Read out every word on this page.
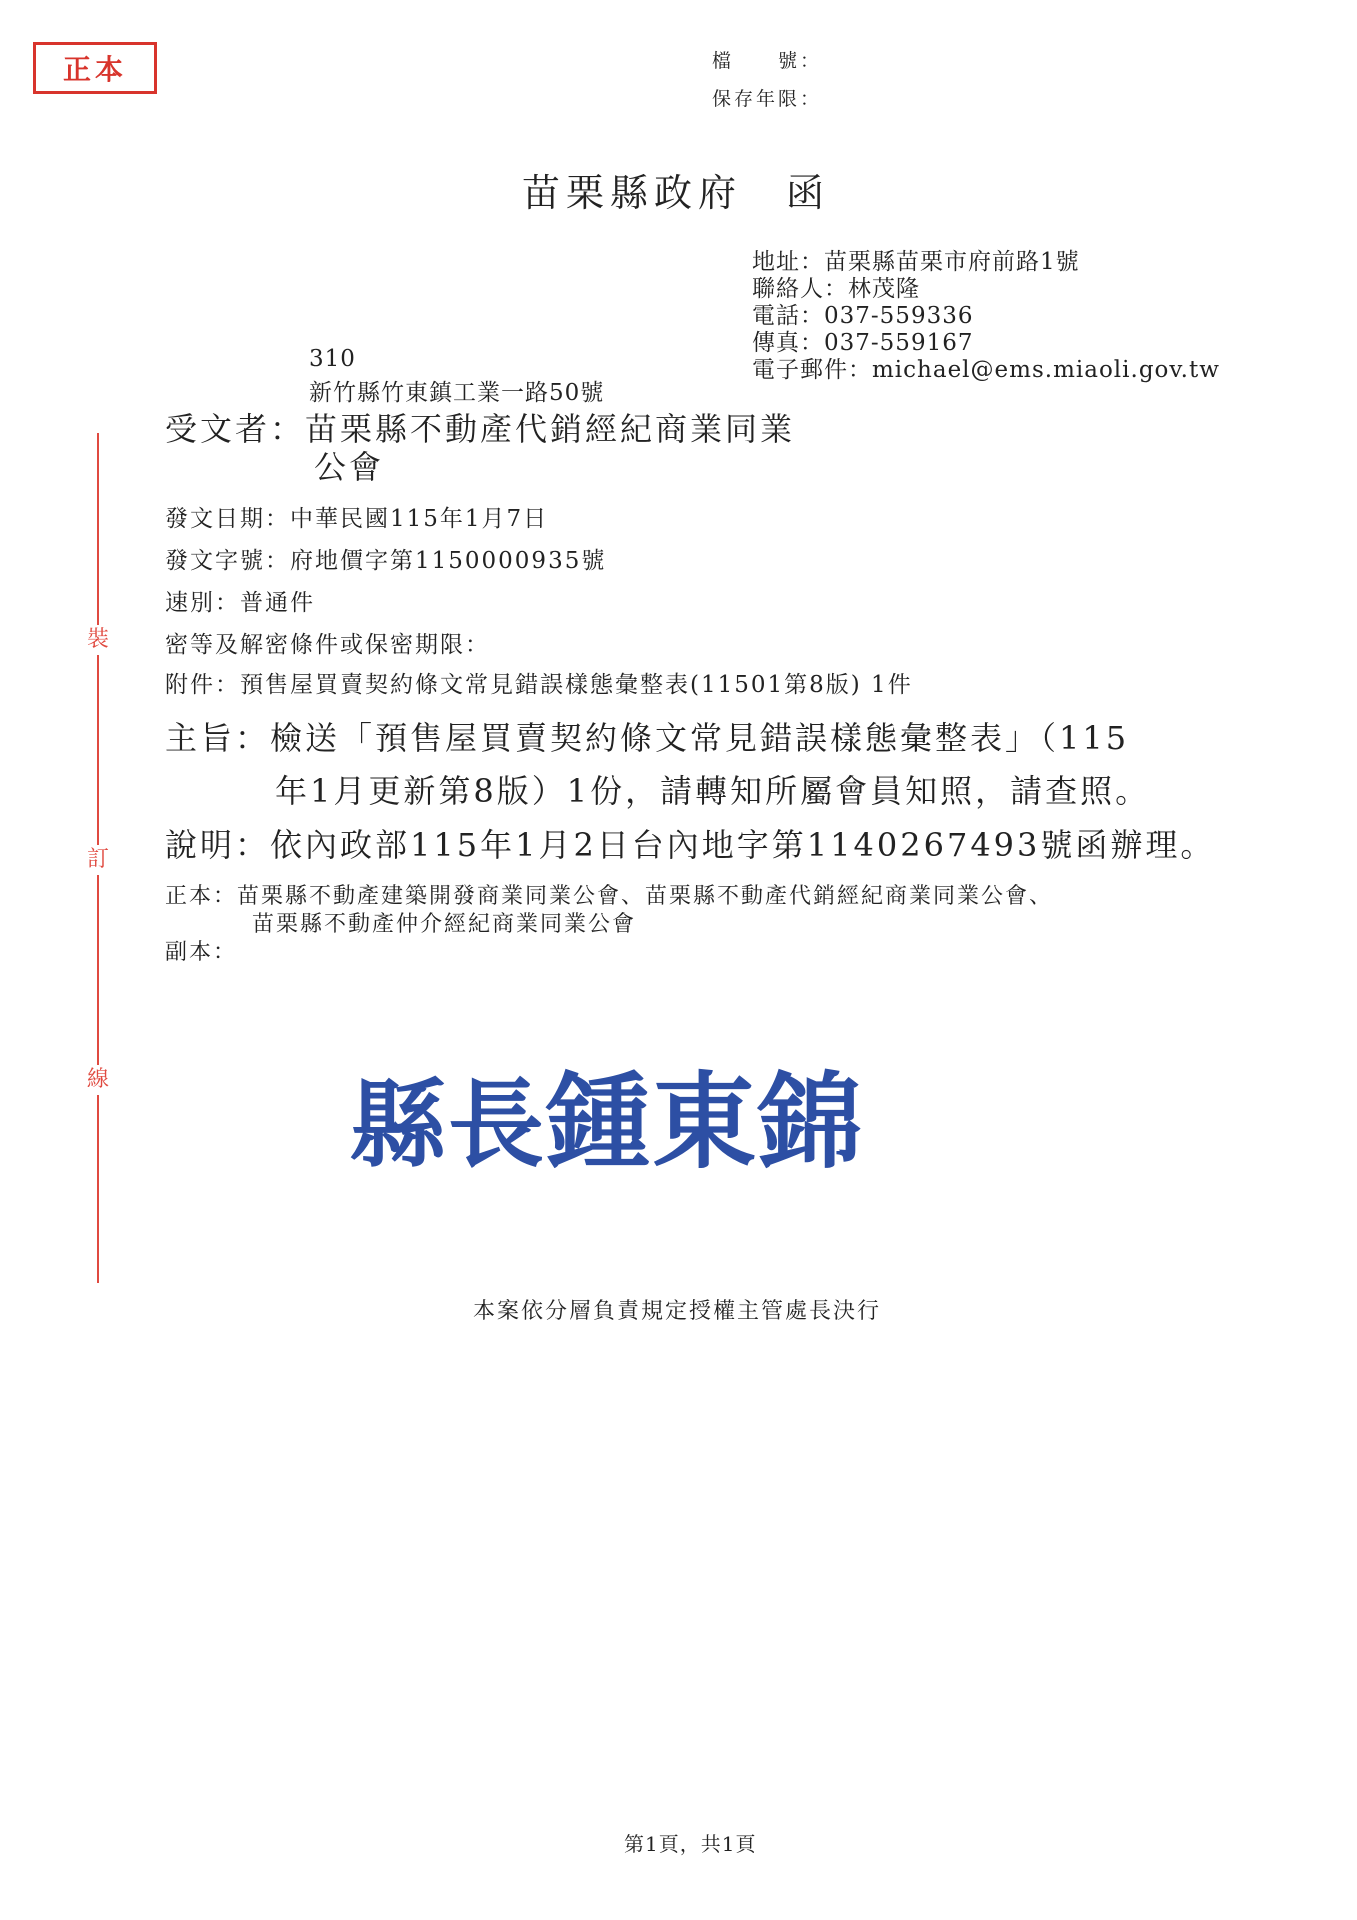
正本	檔　　號：
保存年限：
苗栗縣政府　函
地址：苗栗縣苗栗市府前路1號
聯絡人：林茂隆
電話：037-559336
傳真：037-559167
電子郵件：michael@ems.miaoli.gov.tw
310
新竹縣竹東鎮工業一路50號
受文者：苗栗縣不動產代銷經紀商業同業
公會
發文日期：中華民國115年1月7日
發文字號：府地價字第1150000935號
速別：普通件
密等及解密條件或保密期限：
附件：預售屋買賣契約條文常見錯誤樣態彙整表(11501第8版) 1件
主旨：檢送「預售屋買賣契約條文常見錯誤樣態彙整表」（115
年1月更新第8版）1份，請轉知所屬會員知照，請查照。
說明：依內政部115年1月2日台內地字第1140267493號函辦理。
正本：苗栗縣不動產建築開發商業同業公會、苗栗縣不動產代銷經紀商業同業公會、
苗栗縣不動產仲介經紀商業同業公會
副本：
裝
訂
線	縣長鍾東錦
本案依分層負責規定授權主管處長決行
第1頁，共1頁
